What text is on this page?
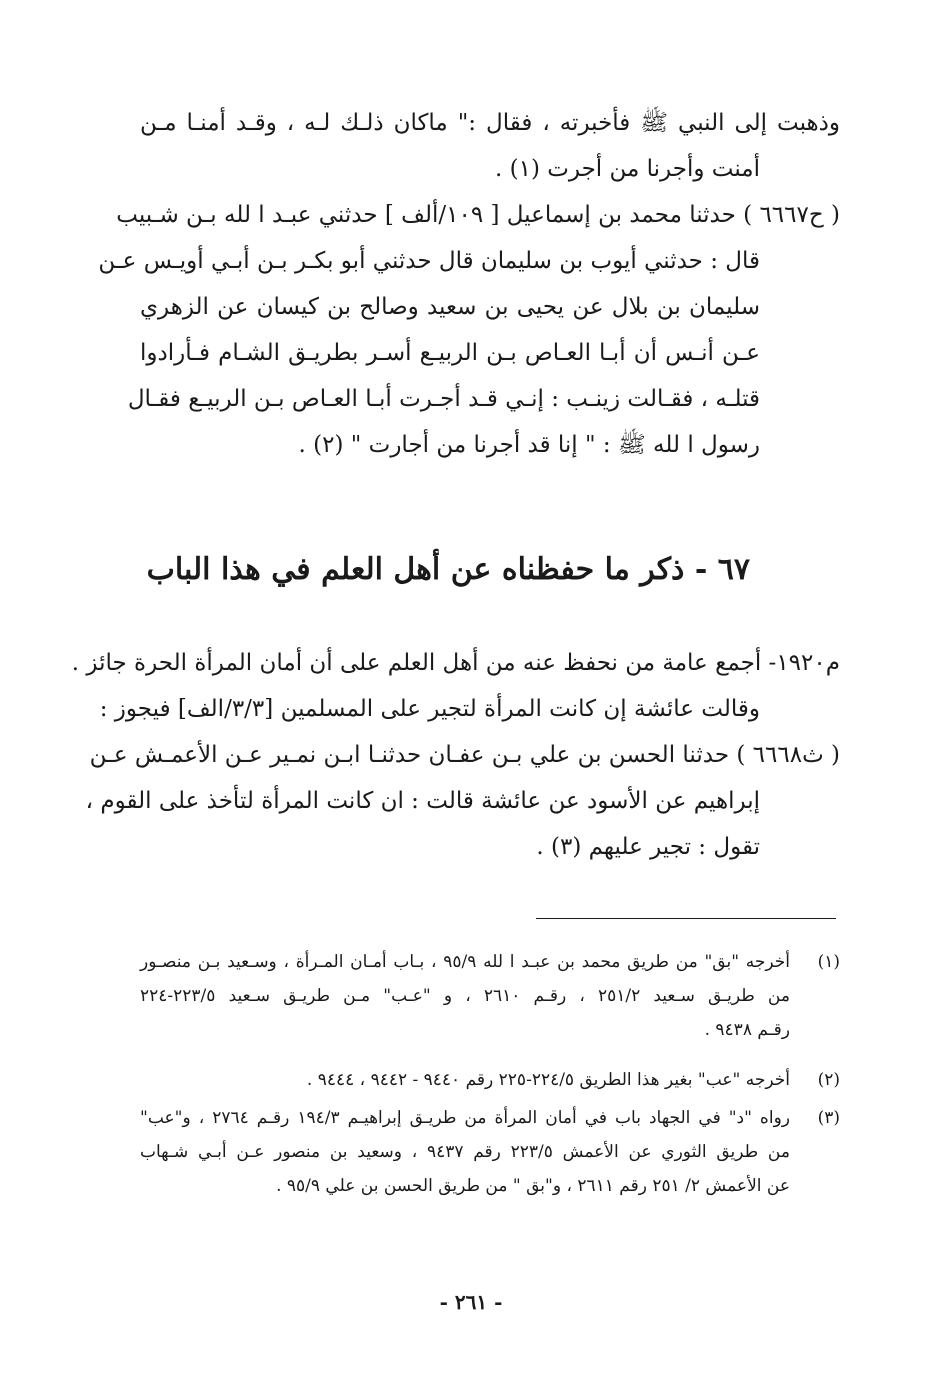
وذهبت إلى النبي ﷺ فأخبرته ، فقال :" ماكان ذلـك لـه ، وقـد أمنـا مـن
أمنت وأجرنا من أجرت (١) .
( ح٦٦٦٧ ) حدثنا محمد بن إسماعيل [ ١٠٩/ألف ] حدثني عبـد ا لله بـن شـبيب
قال : حدثني أيوب بن سليمان قال حدثني أبو بكـر بـن أبـي أويـس عـن
سليمان بن بلال عن يحيى بن سعيد وصالح بن كيسان عن الزهري
عـن أنـس أن أبـا العـاص بـن الربيـع أسـر بطريـق الشـام فـأرادوا
قتلـه ، فقـالت زينـب : إنـي قـد أجـرت أبـا العـاص بـن الربيـع فقـال
رسول ا لله ﷺ : " إنا قد أجرنا من أجارت " (٢) .
٦٧ - ذكر ما حفظناه عن أهل العلم في هذا الباب
م١٩٢٠- أجمع عامة من نحفظ عنه من أهل العلم على أن أمان المرأة الحرة جائز .
وقالت عائشة إن كانت المرأة لتجير على المسلمين [٣/٣/الف] فيجوز :
( ث٦٦٦٨ ) حدثنا الحسن بن علي بـن عفـان حدثنـا ابـن نمـير عـن الأعمـش عـن
إبراهيم عن الأسود عن عائشة قالت : ان كانت المرأة لتأخذ على القوم ،
تقول : تجير عليهم (٣) .
(١)
أخرجه "بق" من طريق محمد بن عبـد ا لله ٩٥/٩ ، بـاب أمـان المـرأة ، وسـعيد بـن منصـور
من طريـق سـعيد ٢٥١/٢ ، رقـم ٢٦١٠ ، و "عـب" مـن طريـق سـعيد ٢٢٣/٥-٢٢٤
رقـم ٩٤٣٨ .
(٢)
أخرجه "عب" بغير هذا الطريق ٢٢٤/٥-٢٢٥ رقم ٩٤٤٠ - ٩٤٤٢ ، ٩٤٤٤ .
(٣)
رواه "د" في الجهاد باب في أمان المرأة من طريـق إبراهيـم ١٩٤/٣ رقـم ٢٧٦٤ ، و"عب"
من طريق الثوري عن الأعمش ٢٢٣/٥ رقم ٩٤٣٧ ، وسعيد بن منصور عـن أبـي شـهاب
عن الأعمش ٢/ ٢٥١ رقم ٢٦١١ ، و"بق " من طريق الحسن بن علي ٩٥/٩ .
- ٢٦١ -
